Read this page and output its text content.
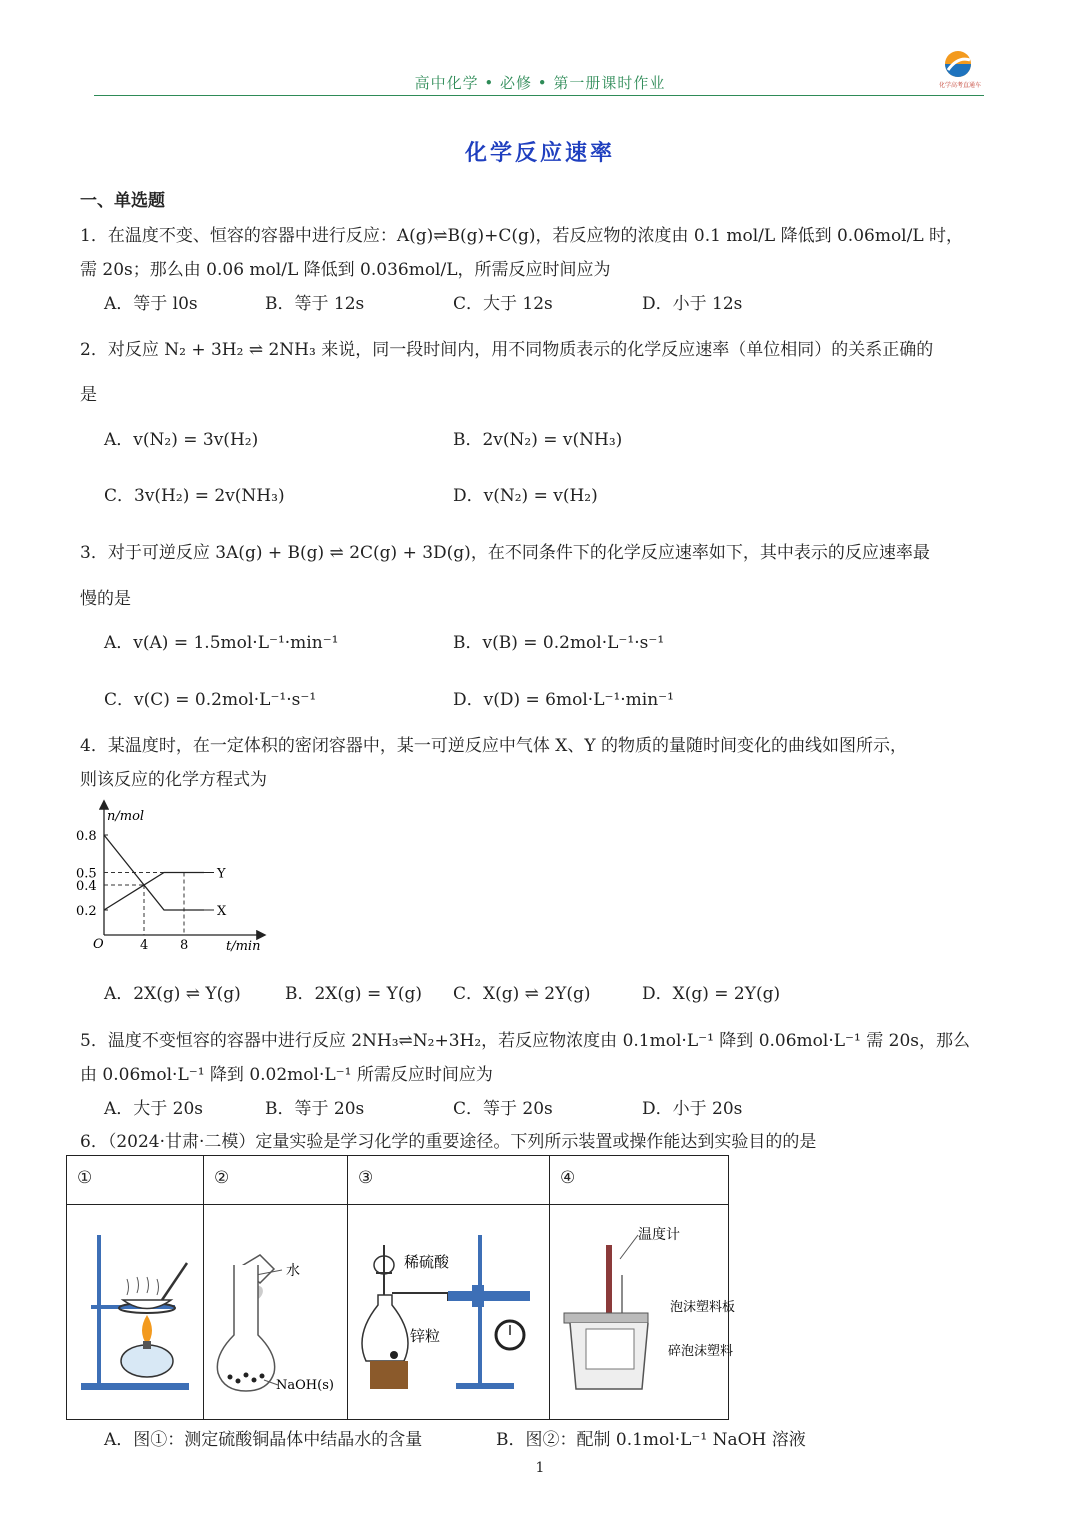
高中化学 • 必修 • 第一册课时作业	化学高考直通车
化学反应速率
一、单选题
1．在温度不变、恒容的容器中进行反应：A(g)⇌B(g)+C(g)，若反应物的浓度由 0.1 mol/L 降低到 0.06mol/L 时，
需 20s；那么由 0.06 mol/L 降低到 0.036mol/L，所需反应时间应为
A．等于 l0s	B．等于 12s	C．大于 12s	D．小于 12s
2．对反应 N₂ + 3H₂ ⇌ 2NH₃ 来说，同一段时间内，用不同物质表示的化学反应速率（单位相同）的关系正确的
是
A．v(N₂) = 3v(H₂)	B．2v(N₂) = v(NH₃)
C．3v(H₂) = 2v(NH₃)	D．v(N₂) = v(H₂)
3．对于可逆反应 3A(g) + B(g) ⇌ 2C(g) + 3D(g)，在不同条件下的化学反应速率如下，其中表示的反应速率最
慢的是
A．v(A) = 1.5mol·L⁻¹·min⁻¹	B．v(B) = 0.2mol·L⁻¹·s⁻¹
C．v(C) = 0.2mol·L⁻¹·s⁻¹	D．v(D) = 6mol·L⁻¹·min⁻¹
4．某温度时，在一定体积的密闭容器中，某一可逆反应中气体 X、Y 的物质的量随时间变化的曲线如图所示，
则该反应的化学方程式为
0.8
0.5
0.4
0.2
4 8
X
Y
n/mol
t/min
O
A．2X(g) ⇌ Y(g)	B．2X(g) = Y(g) C．X(g) ⇌ 2Y(g)	D．X(g) = 2Y(g)
5．温度不变恒容的容器中进行反应 2NH₃⇌N₂+3H₂，若反应物浓度由 0.1mol·L⁻¹ 降到 0.06mol·L⁻¹ 需 20s，那么
由 0.06mol·L⁻¹ 降到 0.02mol·L⁻¹ 所需反应时间应为
A．大于 20s	B．等于 20s	C．等于 20s	D．小于 20s
6．（2024·甘肃·二模）定量实验是学习化学的重要途径。下列所示装置或操作能达到实验目的的是
①	②	③	④

水
NaOH(s)	稀硫酸
锌粒	温度计
泡沫塑料板
碎泡沫塑料
A．图①：测定硫酸铜晶体中结晶水的含量	B．图②：配制 0.1mol·L⁻¹ NaOH 溶液
1
